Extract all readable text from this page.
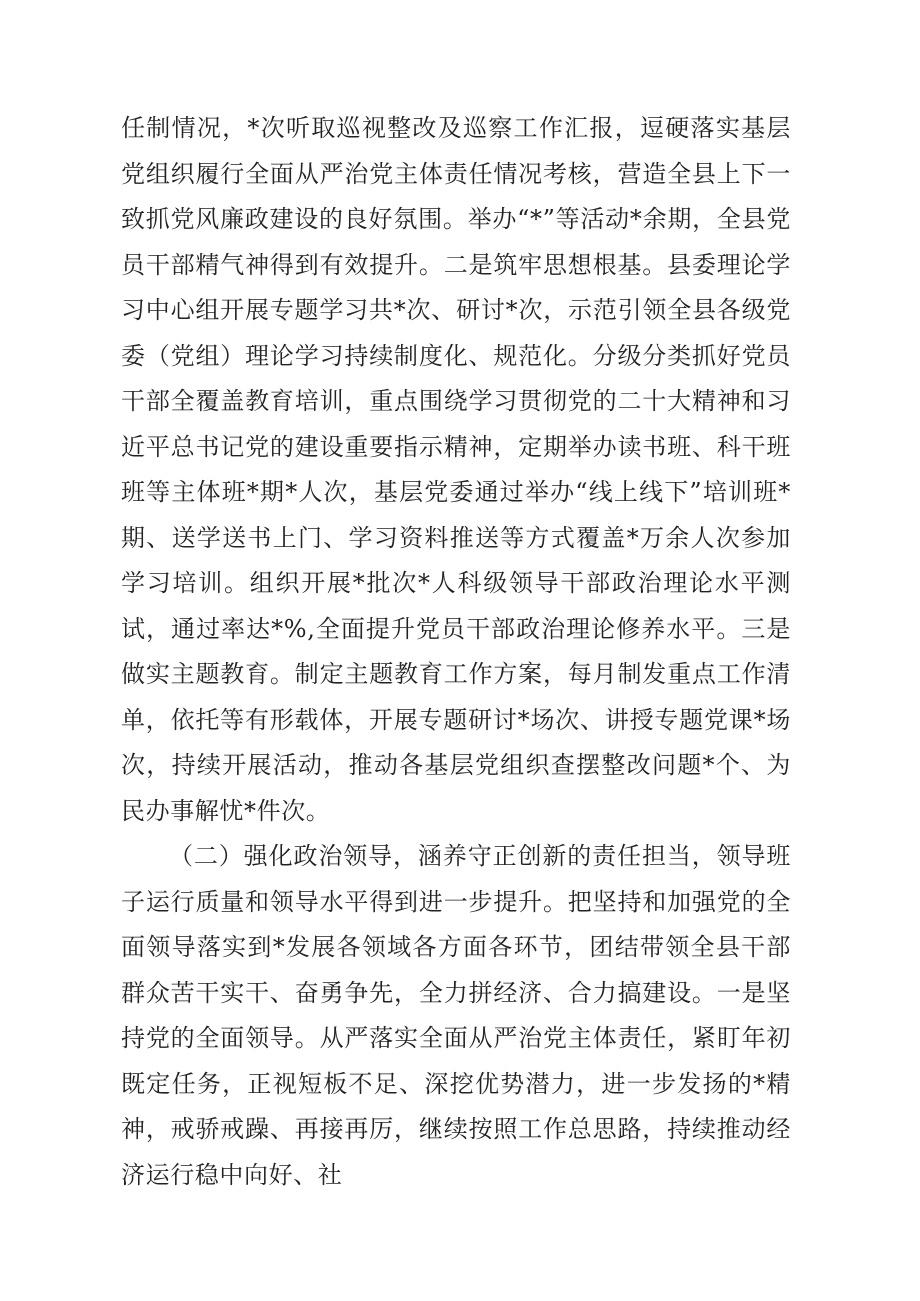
任制情况，*次听取巡视整改及巡察工作汇报，逗硬落实基层党组织履行全面从严治党主体责任情况考核，营造全县上下一致抓党风廉政建设的良好氛围。举办“*”等活动*余期，全县党员干部精气神得到有效提升。二是筑牢思想根基。县委理论学习中心组开展专题学习共*次、研讨*次，示范引领全县各级党委（党组）理论学习持续制度化、规范化。分级分类抓好党员干部全覆盖教育培训，重点围绕学习贯彻党的二十大精神和习近平总书记党的建设重要指示精神，定期举办读书班、科干班班等主体班*期*人次，基层党委通过举办“线上线下”培训班*期、送学送书上门、学习资料推送等方式覆盖*万余人次参加学习培训。组织开展*批次*人科级领导干部政治理论水平测试，通过率达*%,全面提升党员干部政治理论修养水平。三是做实主题教育。制定主题教育工作方案，每月制发重点工作清单，依托等有形载体，开展专题研讨*场次、讲授专题党课*场次，持续开展活动，推动各基层党组织查摆整改问题*个、为民办事解忧*件次。

（二）强化政治领导，涵养守正创新的责任担当，领导班子运行质量和领导水平得到进一步提升。把坚持和加强党的全面领导落实到*发展各领域各方面各环节，团结带领全县干部群众苦干实干、奋勇争先，全力拼经济、合力搞建设。一是坚持党的全面领导。从严落实全面从严治党主体责任，紧盯年初既定任务，正视短板不足、深挖优势潜力，进一步发扬的*精神，戒骄戒躁、再接再厉，继续按照工作总思路，持续推动经济运行稳中向好、社
